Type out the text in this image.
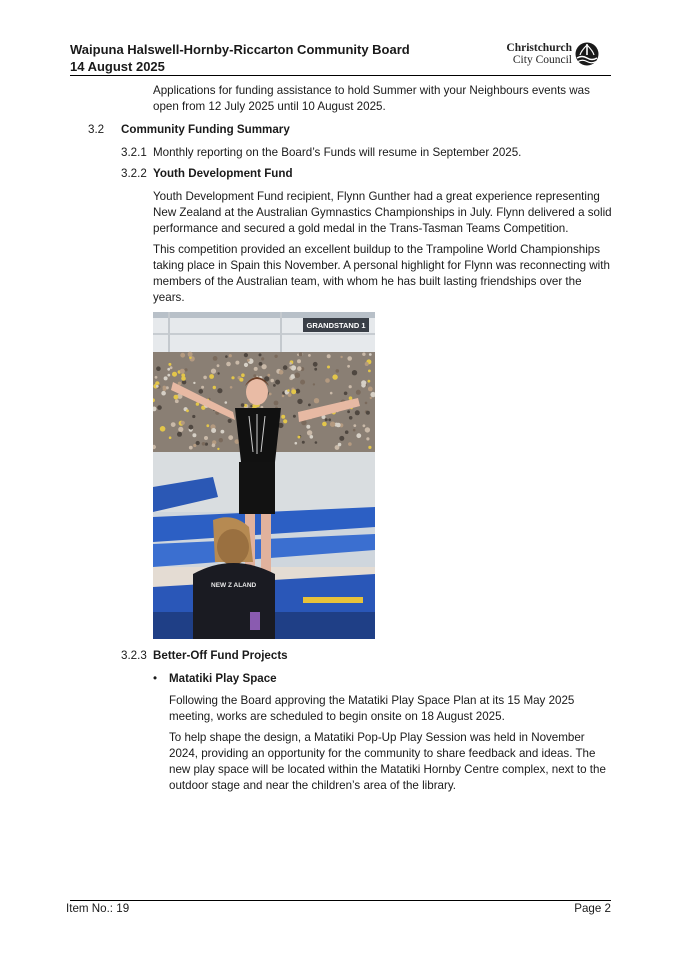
Waipuna Halswell-Hornby-Riccarton Community Board
14 August 2025
Christchurch
City Council
Applications for funding assistance to hold Summer with your Neighbours events was open from 12 July 2025 until 10 August 2025.
3.2 Community Funding Summary
3.2.1 Monthly reporting on the Board’s Funds will resume in September 2025.
3.2.2 Youth Development Fund
Youth Development Fund recipient, Flynn Gunther had a great experience representing New Zealand at the Australian Gymnastics Championships in July. Flynn delivered a solid performance and secured a gold medal in the Trans-Tasman Teams Competition.
This competition provided an excellent buildup to the Trampoline World Championships taking place in Spain this November. A personal highlight for Flynn was reconnecting with members of the Australian team, with whom he has built lasting friendships over the years.
GRANDSTAND 1
NEW Z ALAND
3.2.3 Better-Off Fund Projects
• Matatiki Play Space
Following the Board approving the Matatiki Play Space Plan at its 15 May 2025 meeting, works are scheduled to begin onsite on 18 August 2025.
To help shape the design, a Matatiki Pop-Up Play Session was held in November 2024, providing an opportunity for the community to share feedback and ideas. The new play space will be located within the Matatiki Hornby Centre complex, next to the outdoor stage and near the children’s area of the library.
Item No.: 19	Page 2
